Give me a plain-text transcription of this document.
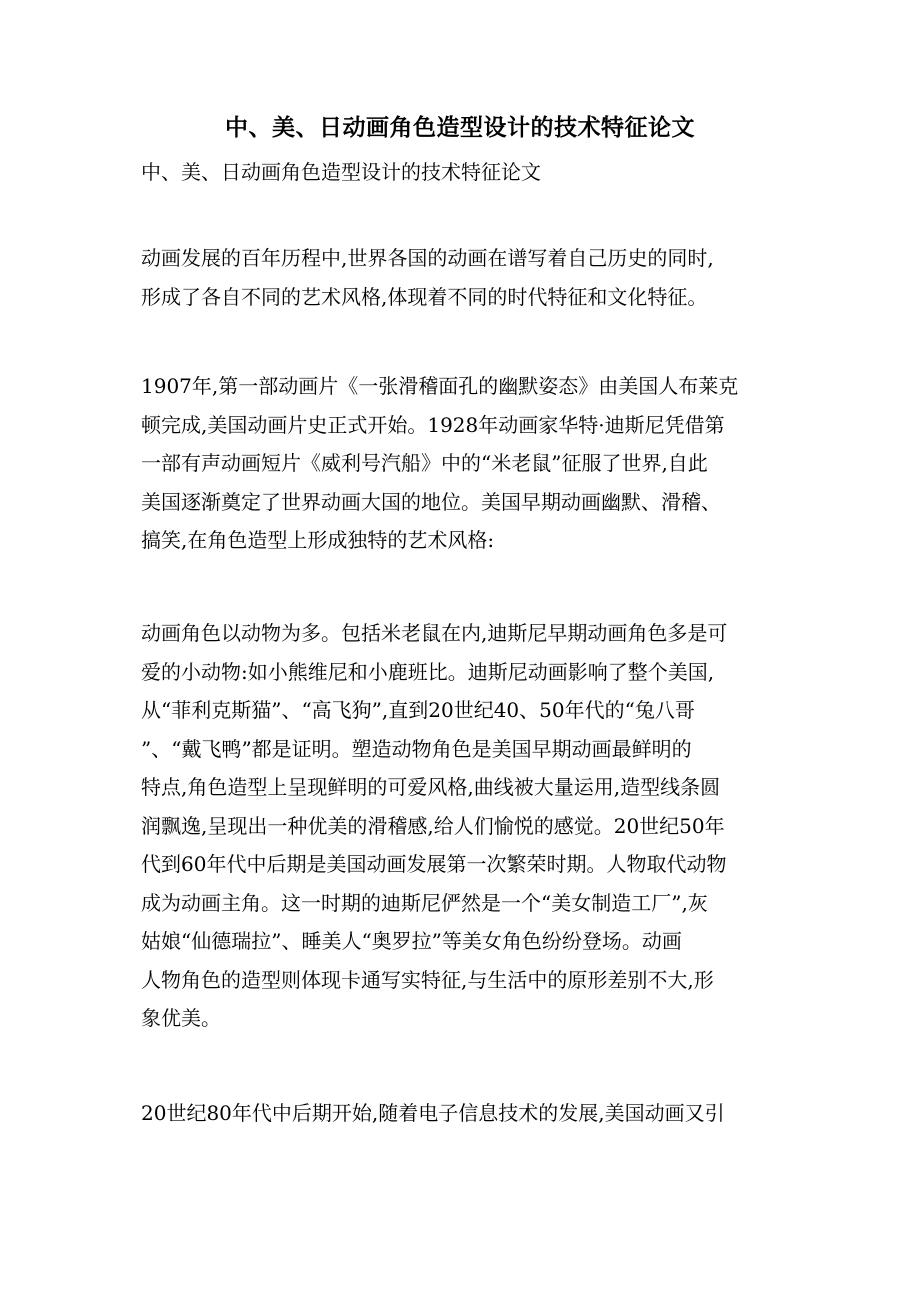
中、美、日动画角色造型设计的技术特征论文

中、美、日动画角色造型设计的技术特征论文

动画发展的百年历程中,世界各国的动画在谱写着自己历史的同时,
形成了各自不同的艺术风格,体现着不同的时代特征和文化特征。

1907年,第一部动画片《一张滑稽面孔的幽默姿态》由美国人布莱克
顿完成,美国动画片史正式开始。1928年动画家华特·迪斯尼凭借第
一部有声动画短片《威利号汽船》中的“米老鼠”征服了世界,自此
美国逐渐奠定了世界动画大国的地位。美国早期动画幽默、滑稽、
搞笑,在角色造型上形成独特的艺术风格:

动画角色以动物为多。包括米老鼠在内,迪斯尼早期动画角色多是可
爱的小动物:如小熊维尼和小鹿班比。迪斯尼动画影响了整个美国,
从“菲利克斯猫”、“高飞狗”,直到20世纪40、50年代的“兔八哥
”、“戴飞鸭”都是证明。塑造动物角色是美国早期动画最鲜明的
特点,角色造型上呈现鲜明的可爱风格,曲线被大量运用,造型线条圆
润飘逸,呈现出一种优美的滑稽感,给人们愉悦的感觉。20世纪50年
代到60年代中后期是美国动画发展第一次繁荣时期。人物取代动物
成为动画主角。这一时期的迪斯尼俨然是一个“美女制造工厂”,灰
姑娘“仙德瑞拉”、睡美人“奥罗拉”等美女角色纷纷登场。动画
人物角色的造型则体现卡通写实特征,与生活中的原形差别不大,形
象优美。

20世纪80年代中后期开始,随着电子信息技术的发展,美国动画又引
